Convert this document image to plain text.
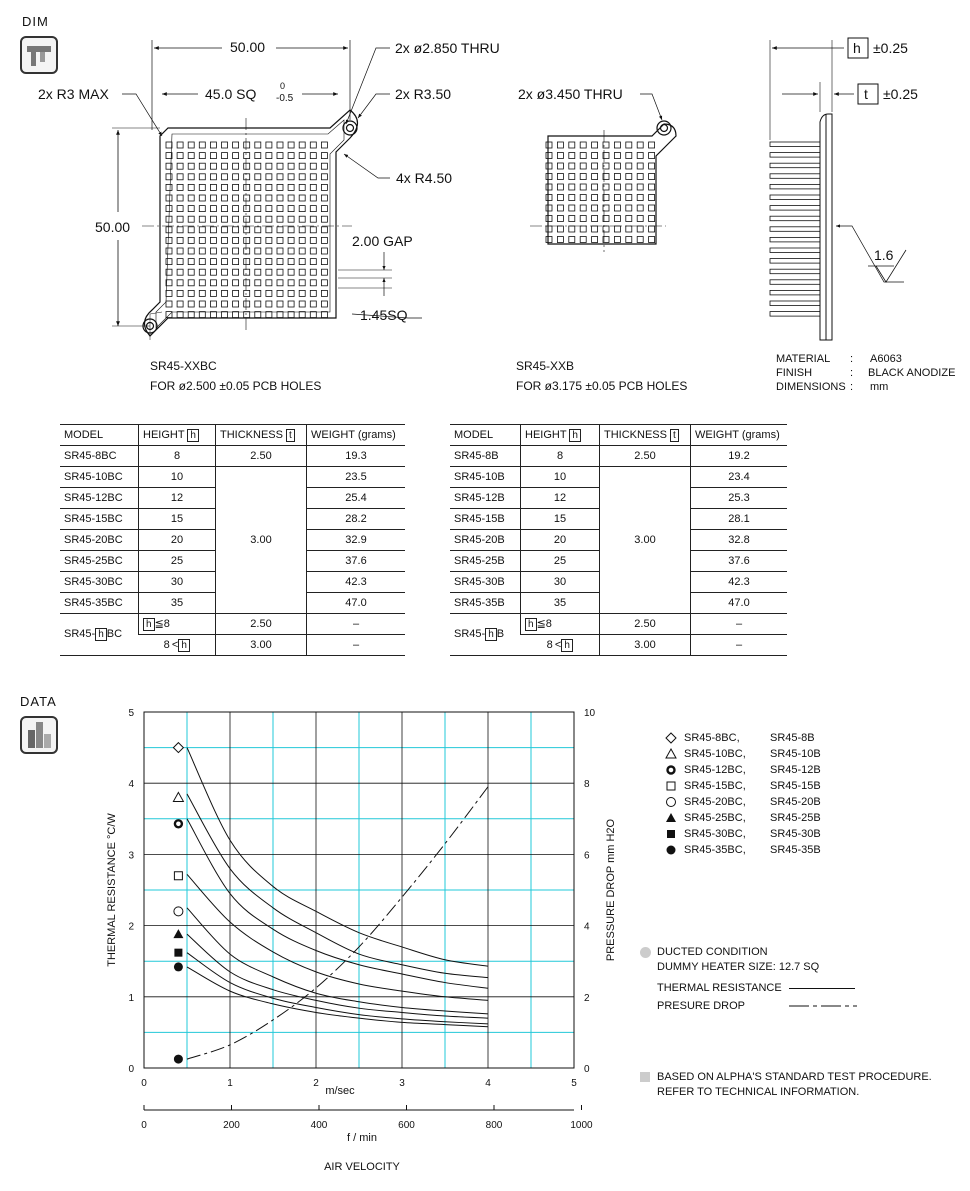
DIM
50.00
50.00
45.0 SQ	0
-0.5
2x R3 MAX
2x ø2.850 THRU
2x R3.50
4x R4.50
2.00 GAP
1.45SQ
2x ø3.450 THRU
h ±0.25
t ±0.25
1.6
SR45-XXBC
FOR ø2.500 ±0.05 PCB HOLES
SR45-XXB
FOR ø3.175 ±0.05 PCB HOLES
MATERIAL : A6063
FINISH	: BLACK ANODIZE
DIMENSIONS : mm
MODEL	HEIGHT h	THICKNESS t	WEIGHT (grams)
SR45-8BC	8	2.50	19.3
SR45-10BC	10	3.00	23.5
SR45-12BC	12		25.4
SR45-15BC	15		28.2
SR45-20BC	20		32.9
SR45-25BC	25		37.6
SR45-30BC	30		42.3
SR45-35BC	35		47.0
SR45- h BC	h ≦8	2.50	–
	8 < h	3.00	–
MODEL	HEIGHT h	THICKNESS t	WEIGHT (grams)
SR45-8B	8	2.50	19.2
SR45-10B	10	3.00	23.4
SR45-12B	12		25.3
SR45-15B	15		28.1
SR45-20B	20		32.8
SR45-25B	25		37.6
SR45-30B	30		42.3
SR45-35B	35		47.0
SR45- h B	h ≦8	2.50	–
	8 < h	3.00	–
DATA
0	1	2	3	4	5
0
1
2
3
4
5
0
2
4
6
8
10
0	200	400	600	800	1000
m/sec
f / min
AIR VELOCITY
THERMAL RESISTANCE °C/W	PRESSURE DROP mm H2O
SR45-8BC,	SR45-8B
SR45-10BC,	SR45-10B
SR45-12BC,	SR45-12B
SR45-15BC,	SR45-15B
SR45-20BC,	SR45-20B
SR45-25BC,	SR45-25B
SR45-30BC,	SR45-30B
SR45-35BC,	SR45-35B
DUCTED CONDITION
DUMMY HEATER SIZE: 12.7 SQ
THERMAL RESISTANCE
PRESURE DROP
BASED ON ALPHA'S STANDARD TEST PROCEDURE.
REFER TO TECHNICAL INFORMATION.
